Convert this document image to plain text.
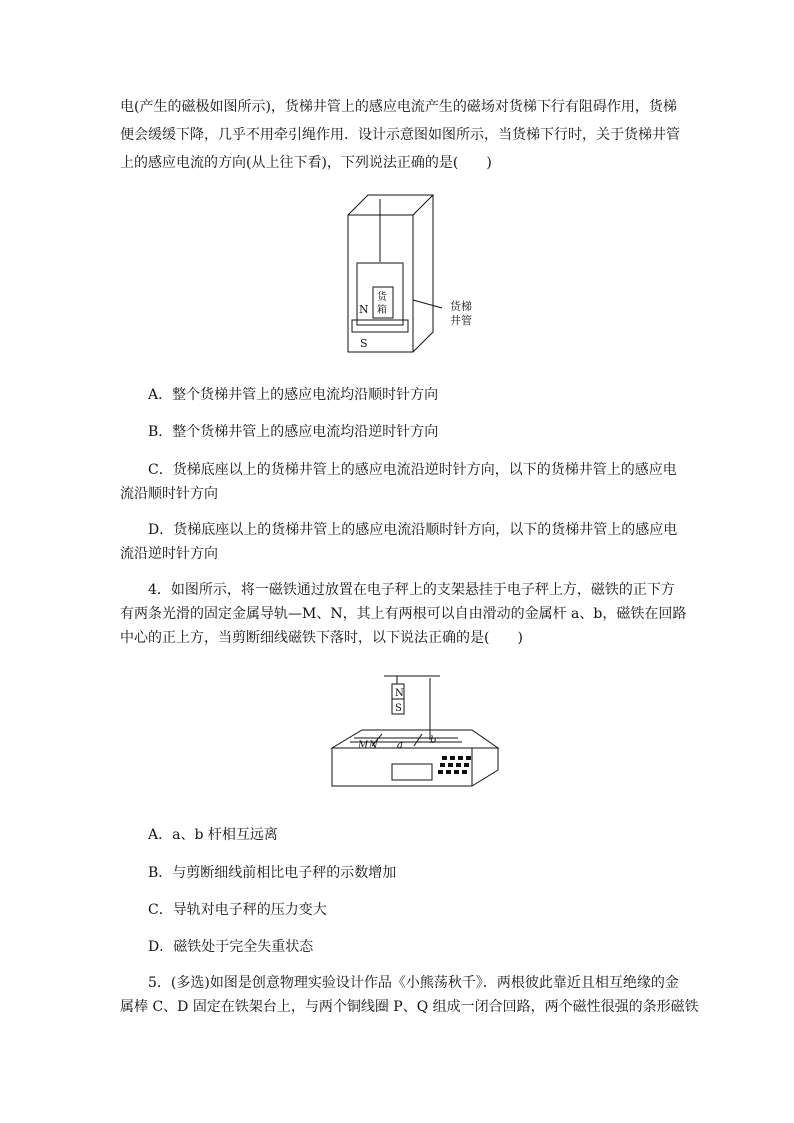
电(产生的磁极如图所示)，货梯井管上的感应电流产生的磁场对货梯下行有阻碍作用，货梯
便会缓缓下降，几乎不用牵引绳作用．设计示意图如图所示，当货梯下行时，关于货梯井管
上的感应电流的方向(从上往下看)，下列说法正确的是(　　)
N
S
货
箱	货梯
井管
A．整个货梯井管上的感应电流均沿顺时针方向
B．整个货梯井管上的感应电流均沿逆时针方向
C．货梯底座以上的货梯井管上的感应电流沿逆时针方向，以下的货梯井管上的感应电
流沿顺时针方向
D．货梯底座以上的货梯井管上的感应电流沿顺时针方向，以下的货梯井管上的感应电
流沿逆时针方向
4．如图所示，将一磁铁通过放置在电子秤上的支架悬挂于电子秤上方，磁铁的正下方
有两条光滑的固定金属导轨—M、N，其上有两根可以自由滑动的金属杆 a、b，磁铁在回路
中心的正上方，当剪断细线磁铁下落时，以下说法正确的是(　　)
N
S
M N a	b
A．a、b 杆相互远离
B．与剪断细线前相比电子秤的示数增加
C．导轨对电子秤的压力变大
D．磁铁处于完全失重状态
5．(多选)如图是创意物理实验设计作品《小熊荡秋千》．两根彼此靠近且相互绝缘的金
属棒 C、D 固定在铁架台上，与两个铜线圈 P、Q 组成一闭合回路，两个磁性很强的条形磁铁
